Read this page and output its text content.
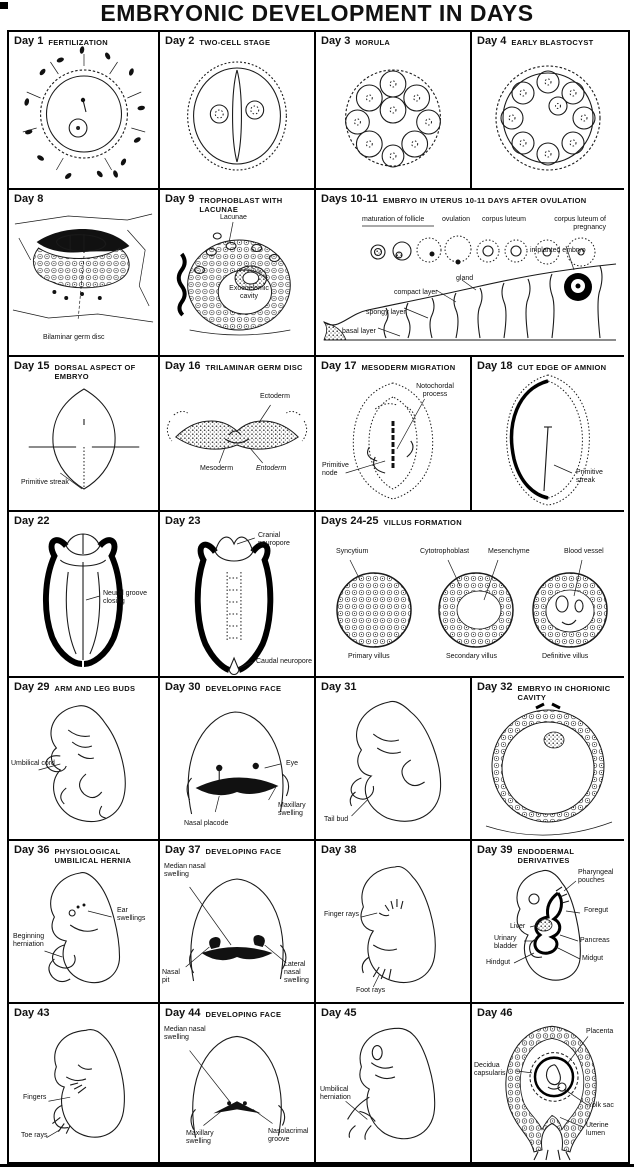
EMBRYONIC DEVELOPMENT IN DAYS
Day 1 FERTILIZATION	Day 2 TWO-CELL STAGE	Day 3 MORULA	Day 4 EARLY BLASTOCYST
Day 8
Bilaminar germ disc
Day 9 TROPHOBLAST WITH LACUNAE
Lacunae
Exocoelomic cavity
Days 10-11 EMBRYO IN UTERUS 10-11 DAYS AFTER OVULATION
maturation of follicle	ovulation corpus luteum	corpus luteum of pregnancy
implanted embryo
gland
compact layer
spongy layer
basal layer
Day 15 DORSAL ASPECT OF EMBRYO
Primitive streak
Day 16 TRILAMINAR GERM DISC
Ectoderm
Mesoderm	Entoderm
Day 17 MESODERM MIGRATION
Notochordal process
Primitive node
Day 18 CUT EDGE OF AMNION
Primitive streak
Day 22
Neural groove closing
Day 23
Cranial neuropore
Caudal neuropore
Days 24-25 VILLUS FORMATION
Syncytium	Cytotrophoblast	Mesenchyme	Blood vessel
Primary villus	Secondary villus	Definitive villus
Day 29 ARM AND LEG BUDS
Umbilical cord
Day 30 DEVELOPING FACE
Eye
Maxillary swelling
Nasal placode
Day 31
Tail bud
Day 32 EMBRYO IN CHORIONIC CAVITY
Day 36 PHYSIOLOGICAL UMBILICAL HERNIA
Ear swellings
Beginning herniation
Day 37 DEVELOPING FACE
Median nasal swelling
Nasal pit
Lateral nasal swelling
Day 38
Finger rays
Foot rays
Day 39 ENDODERMAL DERIVATIVES
Pharyngeal pouches
Foregut
Liver
Urinary bladder
Pancreas
Midgut
Hindgut
Day 43
Fingers
Toe rays
Day 44 DEVELOPING FACE
Median nasal swelling
Maxillary swelling
Nasolacrimal groove
Day 45
Umbilical herniation
Day 46
Placenta
Decidua capsularis
Yolk sac
Uterine lumen
